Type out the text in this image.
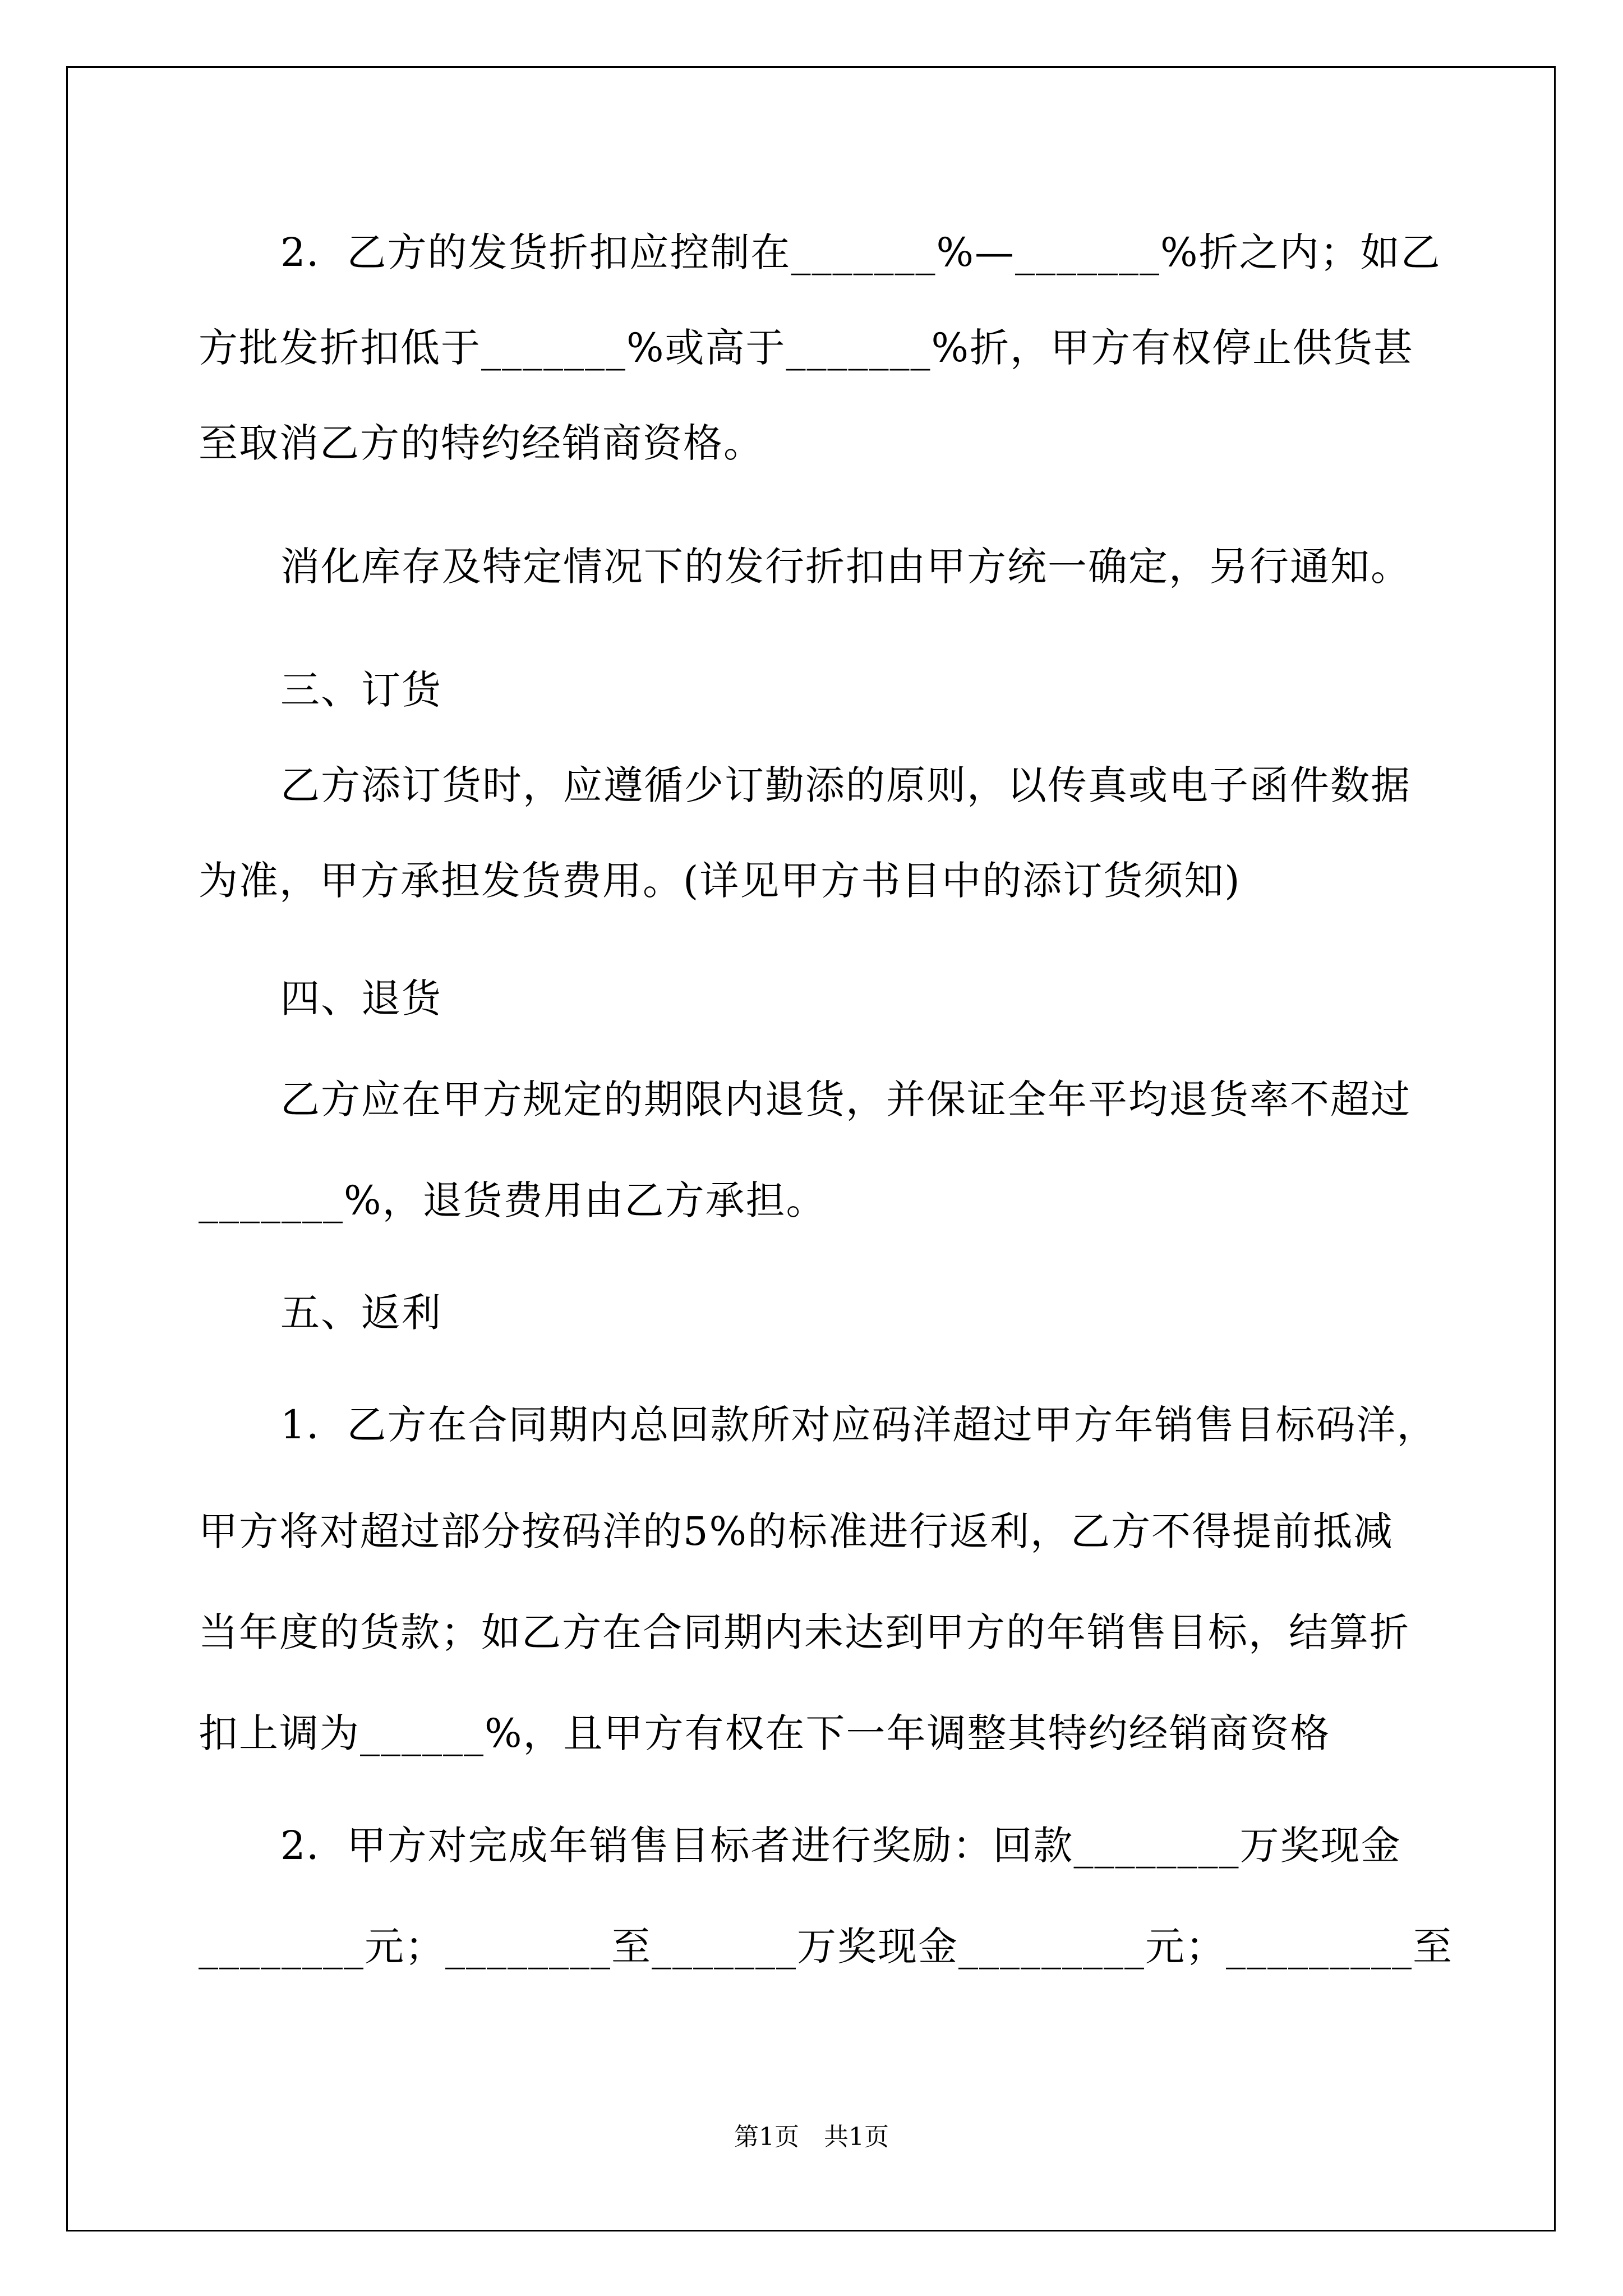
2．乙方的发货折扣应控制在_______%—_______%折之内；如乙
方批发折扣低于_______%或高于_______%折，甲方有权停止供货甚
至取消乙方的特约经销商资格。
消化库存及特定情况下的发行折扣由甲方统一确定，另行通知。
三、订货
乙方添订货时，应遵循少订勤添的原则，以传真或电子函件数据
为准，甲方承担发货费用。(详见甲方书目中的添订货须知)
四、退货
乙方应在甲方规定的期限内退货，并保证全年平均退货率不超过
_______%，退货费用由乙方承担。
五、返利
1．乙方在合同期内总回款所对应码洋超过甲方年销售目标码洋，
甲方将对超过部分按码洋的5%的标准进行返利，乙方不得提前抵减
当年度的货款；如乙方在合同期内未达到甲方的年销售目标，结算折
扣上调为______%，且甲方有权在下一年调整其特约经销商资格
2．甲方对完成年销售目标者进行奖励：回款________万奖现金
________元；________至_______万奖现金_________元；_________至
第1页　共1页
